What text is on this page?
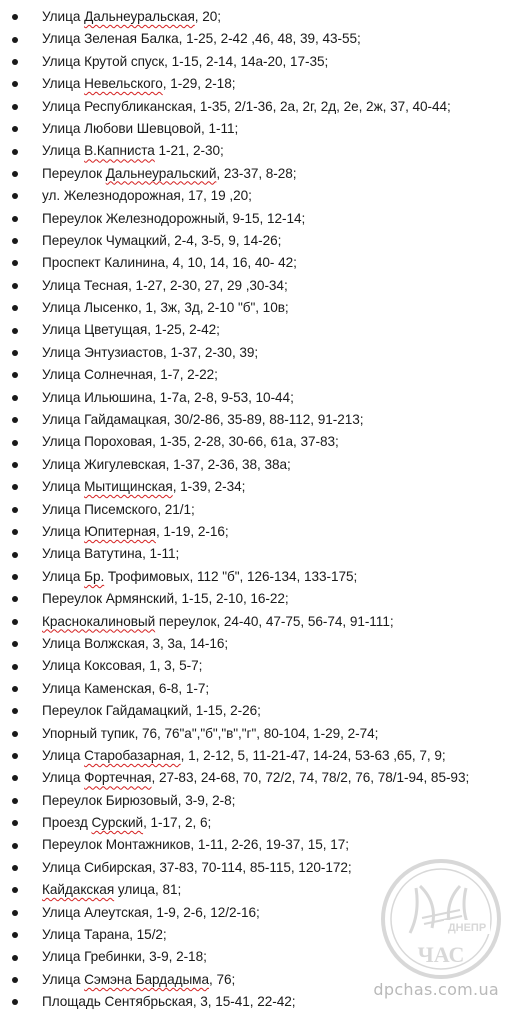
Улица Дальнеуральская, 20;
Улица Зеленая Балка, 1-25, 2-42 ,46, 48, 39, 43-55;
Улица Крутой спуск, 1-15, 2-14, 14а-20, 17-35;
Улица Невельского, 1-29, 2-18;
Улица Республиканская, 1-35, 2/1-36, 2а, 2г, 2д, 2е, 2ж, 37, 40-44;
Улица Любови Шевцовой, 1-11;
Улица В.Капниста 1-21, 2-30;
Переулок Дальнеуральский, 23-37, 8-28;
ул. Железнодорожная, 17, 19 ,20;
Переулок Железнодорожный, 9-15, 12-14;
Переулок Чумацкий, 2-4, 3-5, 9, 14-26;
Проспект Калинина, 4, 10, 14, 16, 40- 42;
Улица Тесная, 1-27, 2-30, 27, 29 ,30-34;
Улица Лысенко, 1, 3ж, 3д, 2-10 "б", 10в;
Улица Цветущая, 1-25, 2-42;
Улица Энтузиастов, 1-37, 2-30, 39;
Улица Солнечная, 1-7, 2-22;
Улица Ильюшина, 1-7а, 2-8, 9-53, 10-44;
Улица Гайдамацкая, 30/2-86, 35-89, 88-112, 91-213;
Улица Пороховая, 1-35, 2-28, 30-66, 61а, 37-83;
Улица Жигулевская, 1-37, 2-36, 38, 38а;
Улица Мытищинская, 1-39, 2-34;
Улица Писемского, 21/1;
Улица Юпитерная, 1-19, 2-16;
Улица Ватутина, 1-11;
Улица Бр. Трофимовых, 112 "б", 126-134, 133-175;
Переулок Армянский, 1-15, 2-10, 16-22;
Краснокалиновый переулок, 24-40, 47-75, 56-74, 91-111;
Улица Волжская, 3, 3а, 14-16;
Улица Коксовая, 1, 3, 5-7;
Улица Каменская, 6-8, 1-7;
Переулок Гайдамацкий, 1-15, 2-26;
Упорный тупик, 76, 76"а","б","в","г", 80-104, 1-29, 2-74;
Улица Старобазарная, 1, 2-12, 5, 11-21-47, 14-24, 53-63 ,65, 7, 9;
Улица Фортечная, 27-83, 24-68, 70, 72/2, 74, 78/2, 76, 78/1-94, 85-93;
Переулок Бирюзовый, 3-9, 2-8;
Проезд Сурский, 1-17, 2, 6;
Переулок Монтажников, 1-11, 2-26, 19-37, 15, 17;
Улица Сибирская, 37-83, 70-114, 85-115, 120-172;
Кайдакская улица, 81;
Улица Алеутская, 1-9, 2-6, 12/2-16;
Улица Тарана, 15/2;
Улица Гребинки, 3-9, 2-18;
Улица Сэмэна Бардадыма, 76;
Площадь Сентябрьская, 3, 15-41, 22-42;
ДНЕПР
ЧАС
dpchas.com.ua
